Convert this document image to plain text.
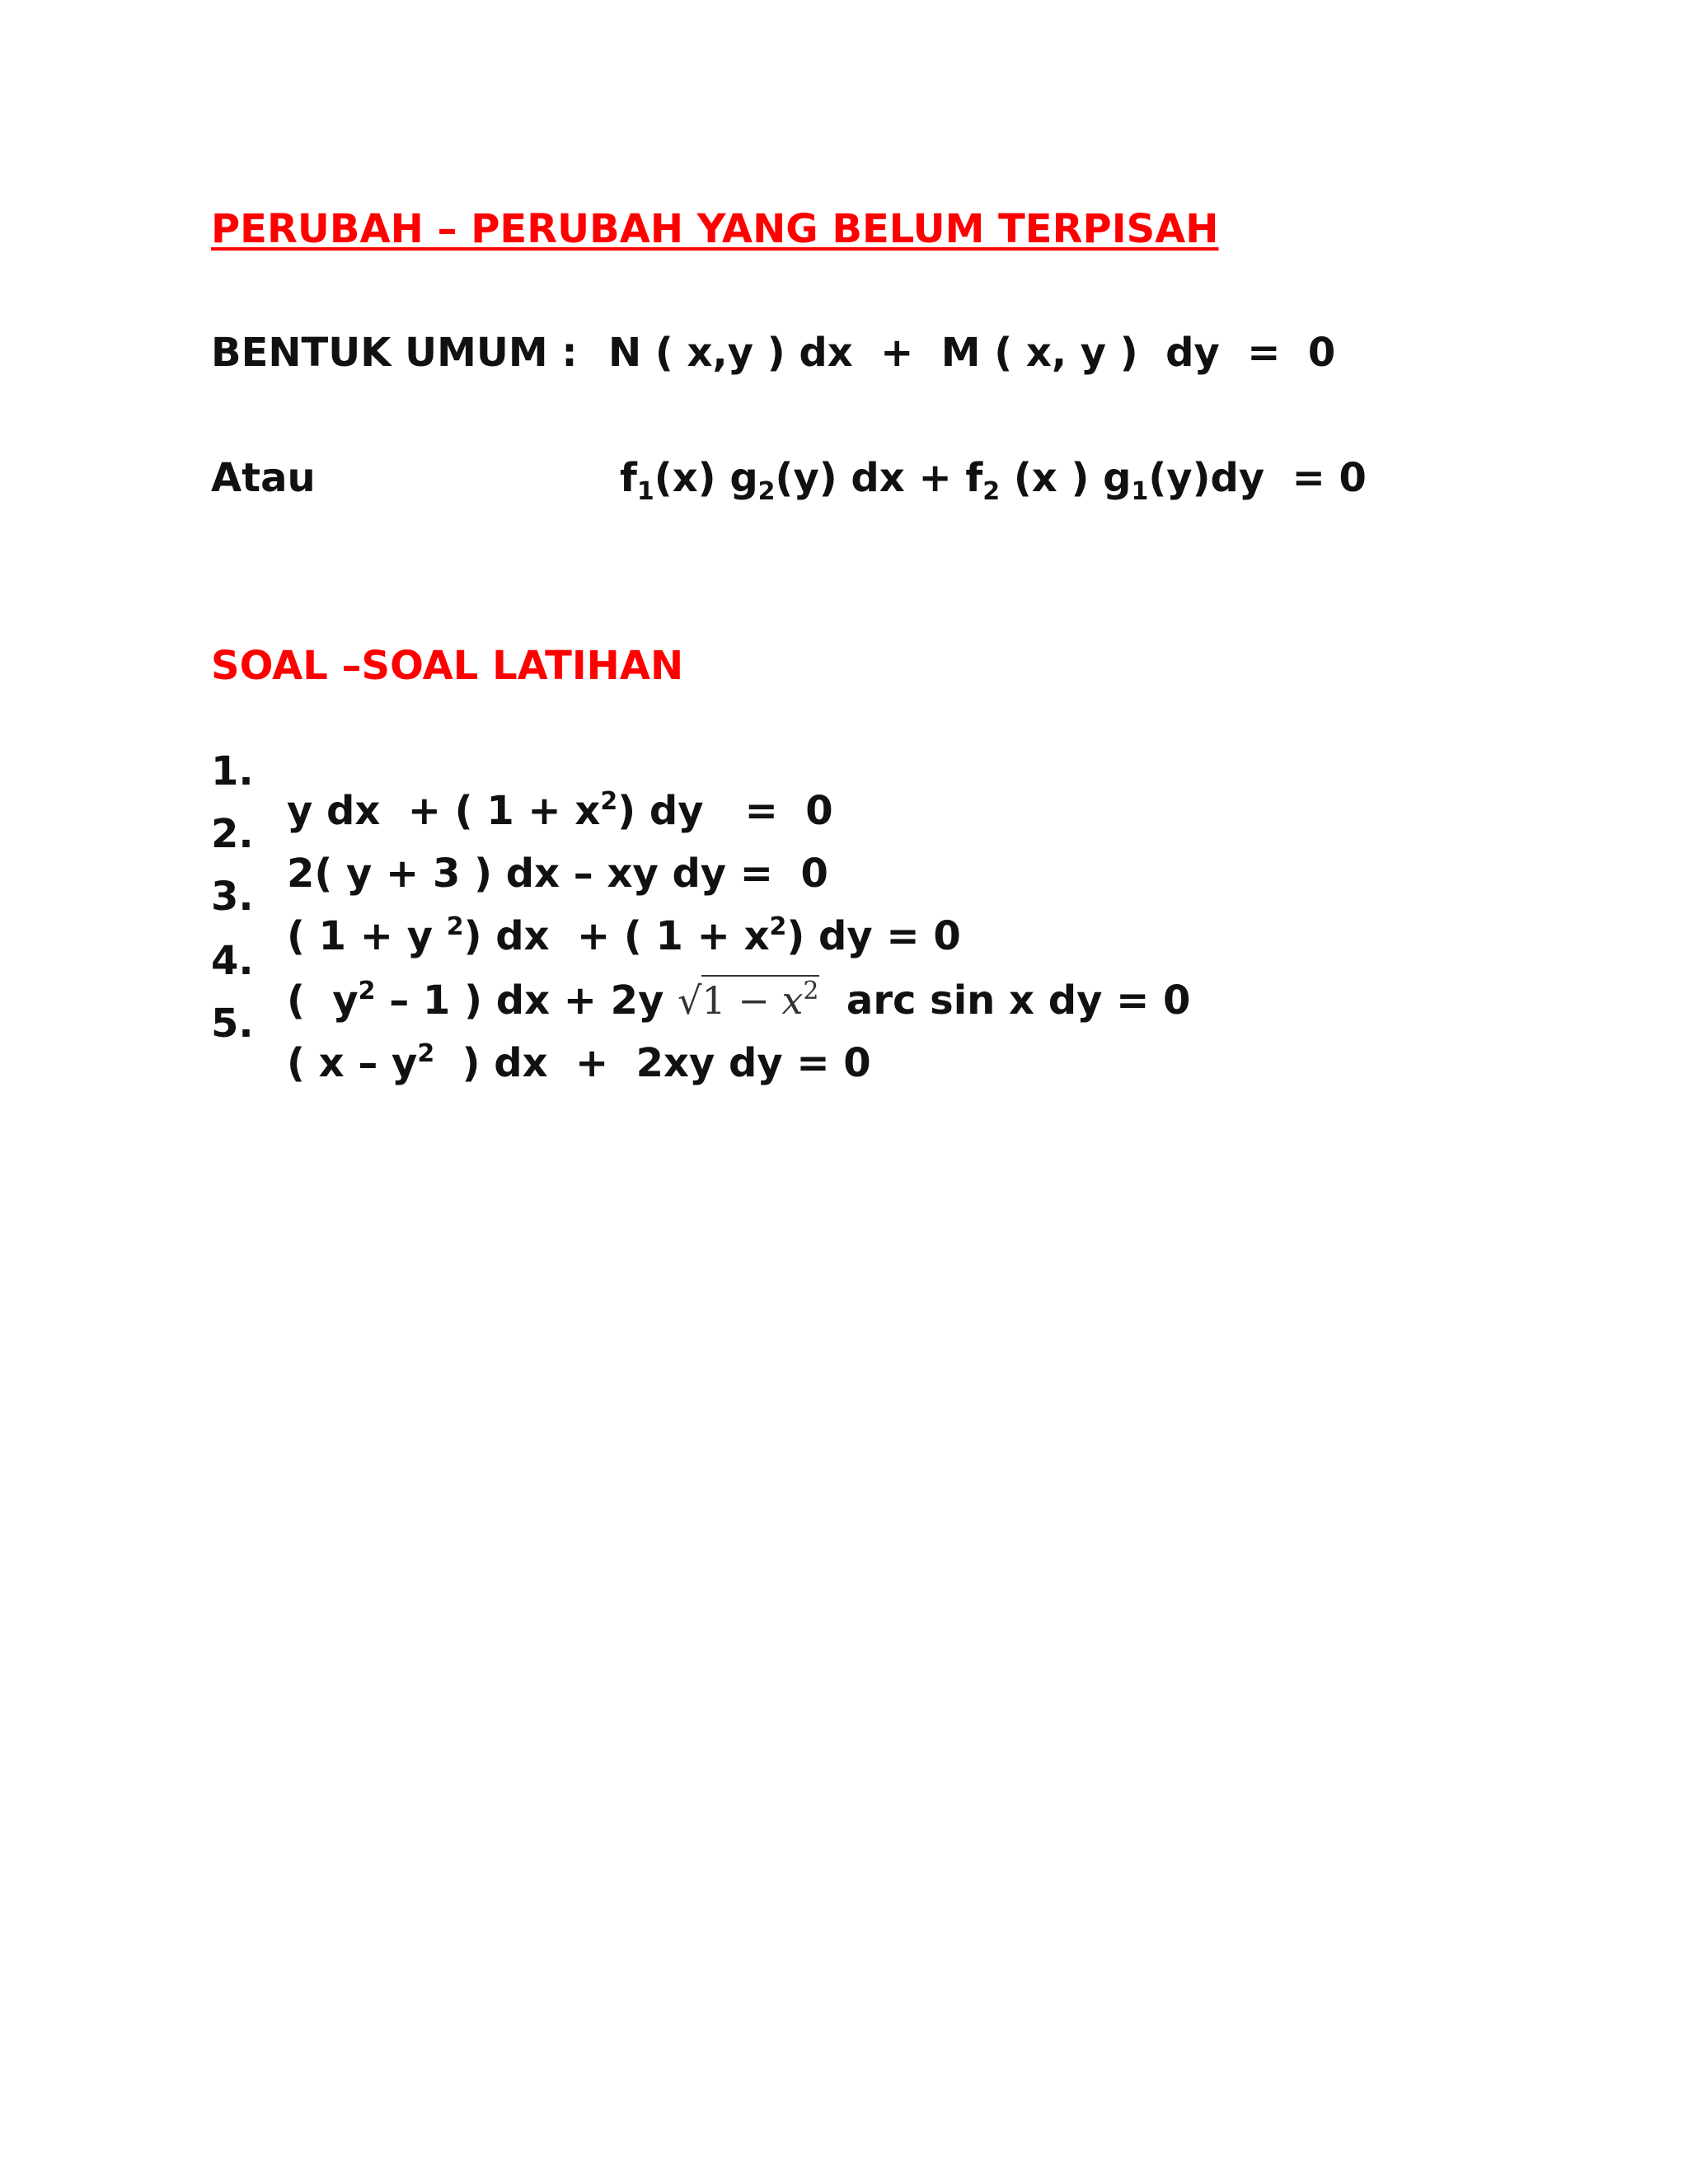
PERUBAH – PERUBAH YANG BELUM TERPISAH
BENTUK UMUM : N ( x,y ) dx  +  M ( x, y )  dy  =  0
Atau	$f_1(x)$ $g_2(y)$ dx + $f_2$ (x ) $g_1(y)dy = 0$
SOAL –SOAL LATIHAN

1.

y dx  + ( $1 + x^2$) dy   =  0

2.

2( y + 3 ) dx – xy dy =  0

3.

( 1 + y $^2$) dx  + ( $1 + x^2$) dy = 0

4.

(  $y^2 - 1$ ) dx + 2y $√1 - x^2$  arc sin x dy = 0

5.

( x – $y^2$  ) dx  +  2xy dy = 0
